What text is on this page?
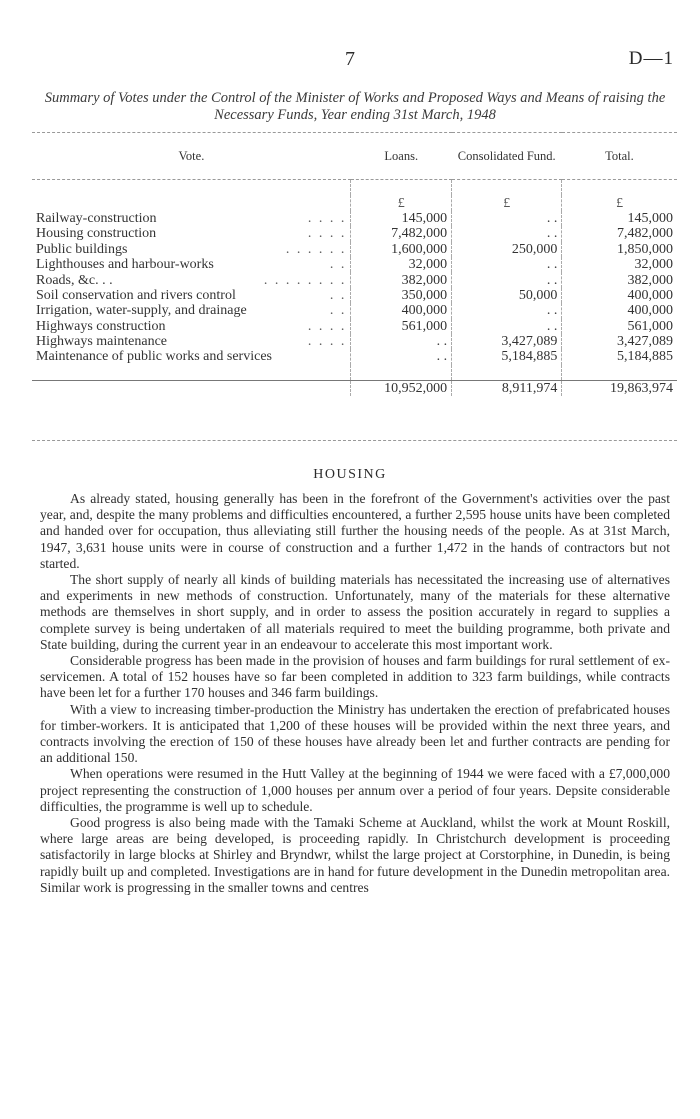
7	D—1
Summary of Votes under the Control of the Minister of Works and Proposed Ways and Means of raising the Necessary Funds, Year ending 31st March, 1948
Vote.	Loans.	Consolidated Fund.	Total.

	£	£	£

Railway-construction . . . .	145,000	. .	145,000

Housing construction . . . .	7,482,000	. .	7,482,000

Public buildings . . . . . .	1,600,000	250,000	1,850,000

Lighthouses and harbour-works . .	32,000	. .	32,000

Roads, &c. . . . . . . . . . .	382,000	. .	382,000

Soil conservation and rivers control . .	350,000	50,000	400,000

Irrigation, water-supply, and drainage . .	400,000	. .	400,000

Highways construction . . . .	561,000	. .	561,000

Highways maintenance . . . .	. .	3,427,089	3,427,089

Maintenance of public works and services	. .	5,184,885	5,184,885

	10,952,000	8,911,974	19,863,974
HOUSING

As already stated, housing generally has been in the forefront of the Government's activities over the past year, and, despite the many problems and difficulties encountered, a further 2,595 house units have been completed and handed over for occupation, thus alleviating still further the housing needs of the people. As at 31st March, 1947, 3,631 house units were in course of construction and a further 1,472 in the hands of contractors but not started.

The short supply of nearly all kinds of building materials has necessitated the increasing use of alternatives and experiments in new methods of construction. Unfortunately, many of the materials for these alternative methods are themselves in short supply, and in order to assess the position accurately in regard to supplies a complete survey is being undertaken of all materials required to meet the building programme, both private and State building, during the current year in an endeavour to accelerate this most important work.

Considerable progress has been made in the provision of houses and farm buildings for rural settlement of ex-servicemen. A total of 152 houses have so far been completed in addition to 323 farm buildings, while contracts have been let for a further 170 houses and 346 farm buildings.

With a view to increasing timber-production the Ministry has undertaken the erection of prefabricated houses for timber-workers. It is anticipated that 1,200 of these houses will be provided within the next three years, and contracts involving the erection of 150 of these houses have already been let and further contracts are pending for an additional 150.

When operations were resumed in the Hutt Valley at the beginning of 1944 we were faced with a £7,000,000 project representing the construction of 1,000 houses per annum over a period of four years. Depsite considerable difficulties, the programme is well up to schedule.

Good progress is also being made with the Tamaki Scheme at Auckland, whilst the work at Mount Roskill, where large areas are being developed, is proceeding rapidly. In Christchurch development is proceeding satisfactorily in large blocks at Shirley and Bryndwr, whilst the large project at Corstorphine, in Dunedin, is being rapidly built up and completed. Investigations are in hand for future development in the Dunedin metropolitan area. Similar work is progressing in the smaller towns and centres
